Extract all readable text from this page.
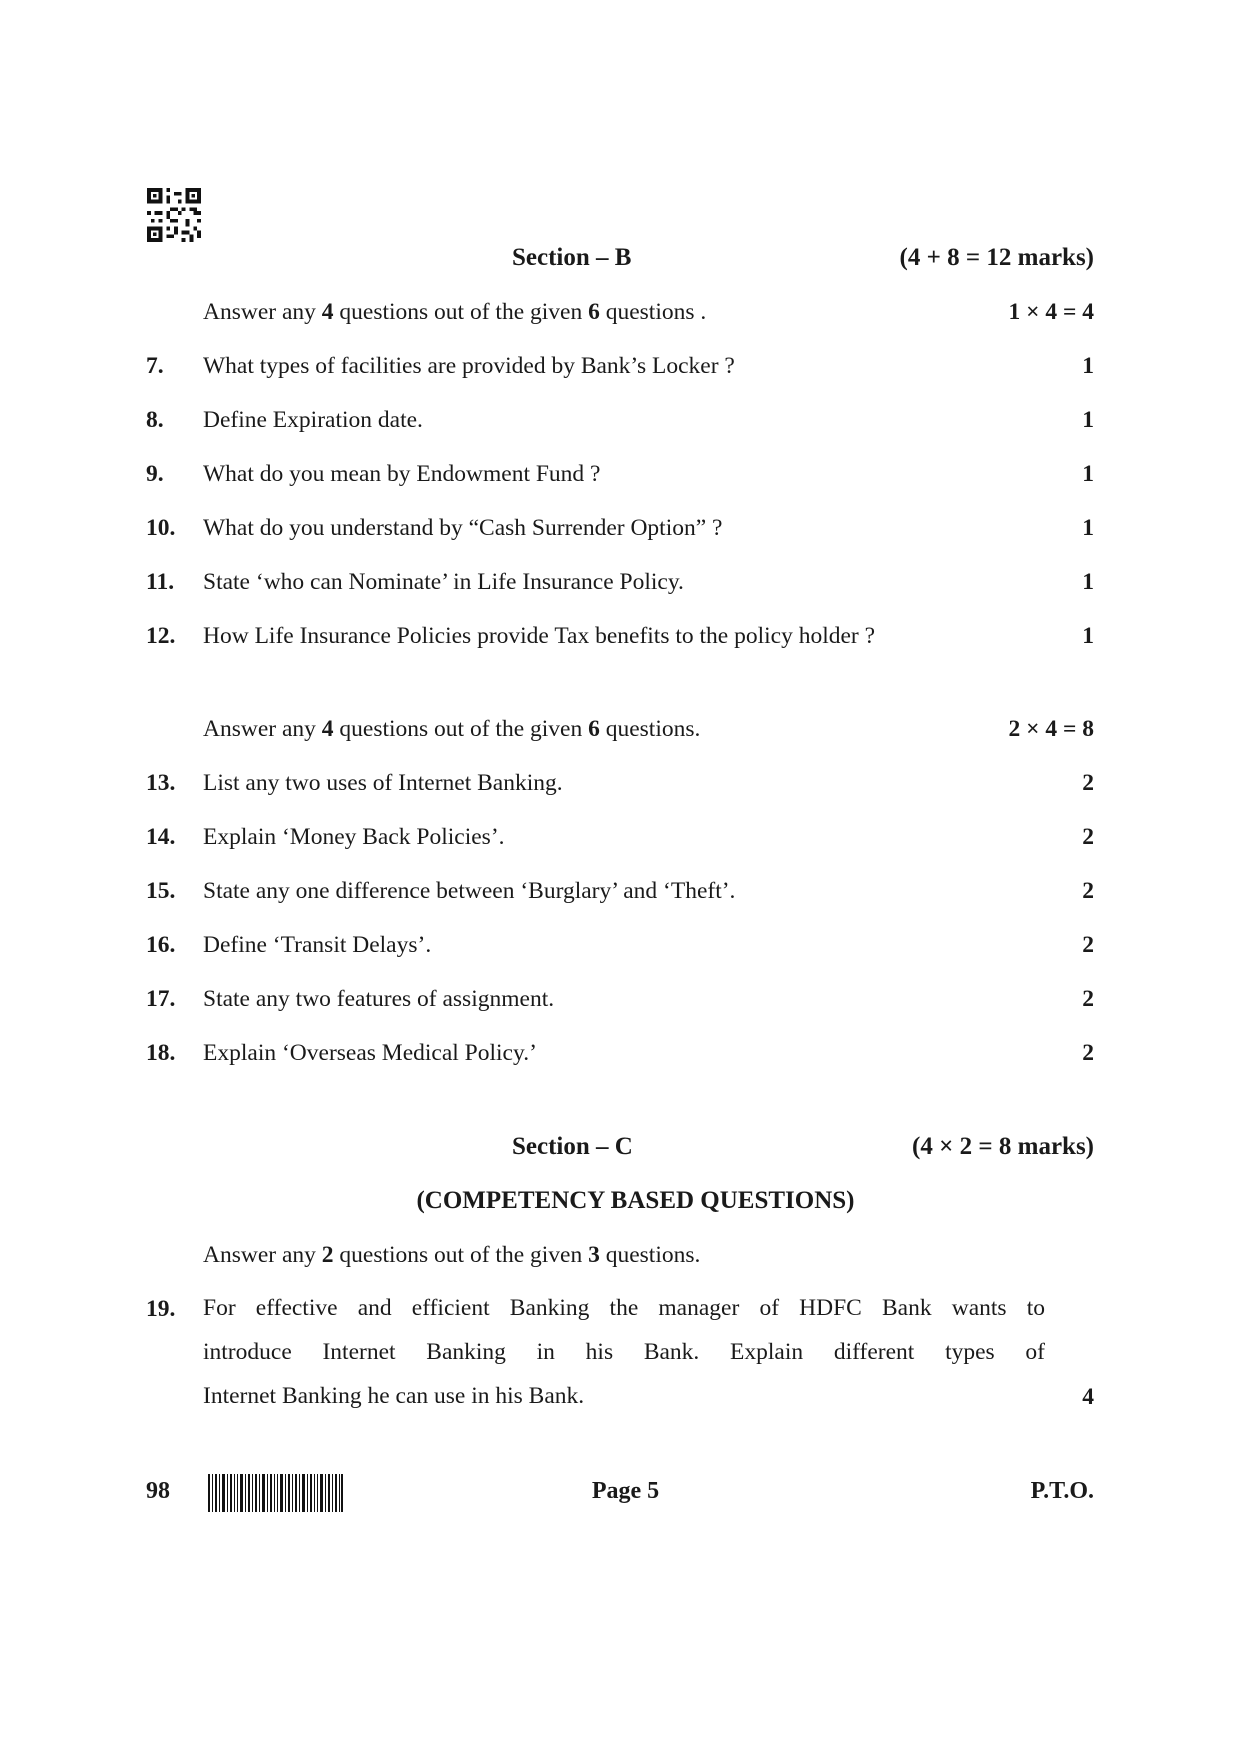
Section – B	(4 + 8 = 12 marks)
Answer any 4 questions out of the given 6 questions .	1 × 4 = 4
7. What types of facilities are provided by Bank’s Locker ?	1
8. Define Expiration date.	1
9. What do you mean by Endowment Fund ?	1
10. What do you understand by “Cash Surrender Option” ?	1
11. State ‘who can Nominate’ in Life Insurance Policy.	1
12. How Life Insurance Policies provide Tax benefits to the policy holder ?	1
Answer any 4 questions out of the given 6 questions.	2 × 4 = 8
13. List any two uses of Internet Banking.	2
14. Explain ‘Money Back Policies’.	2
15. State any one difference between ‘Burglary’ and ‘Theft’.	2
16. Define ‘Transit Delays’.	2
17. State any two features of assignment.	2
18. Explain ‘Overseas Medical Policy.’	2
Section – C	(4 × 2 = 8 marks)
(COMPETENCY BASED QUESTIONS)
Answer any 2 questions out of the given 3 questions.
19. For effective and efficient Banking the manager of HDFC Bank wants to
introduce Internet Banking in his Bank. Explain different types of
Internet Banking he can use in his Bank.	4
98	Page 5	P.T.O.
